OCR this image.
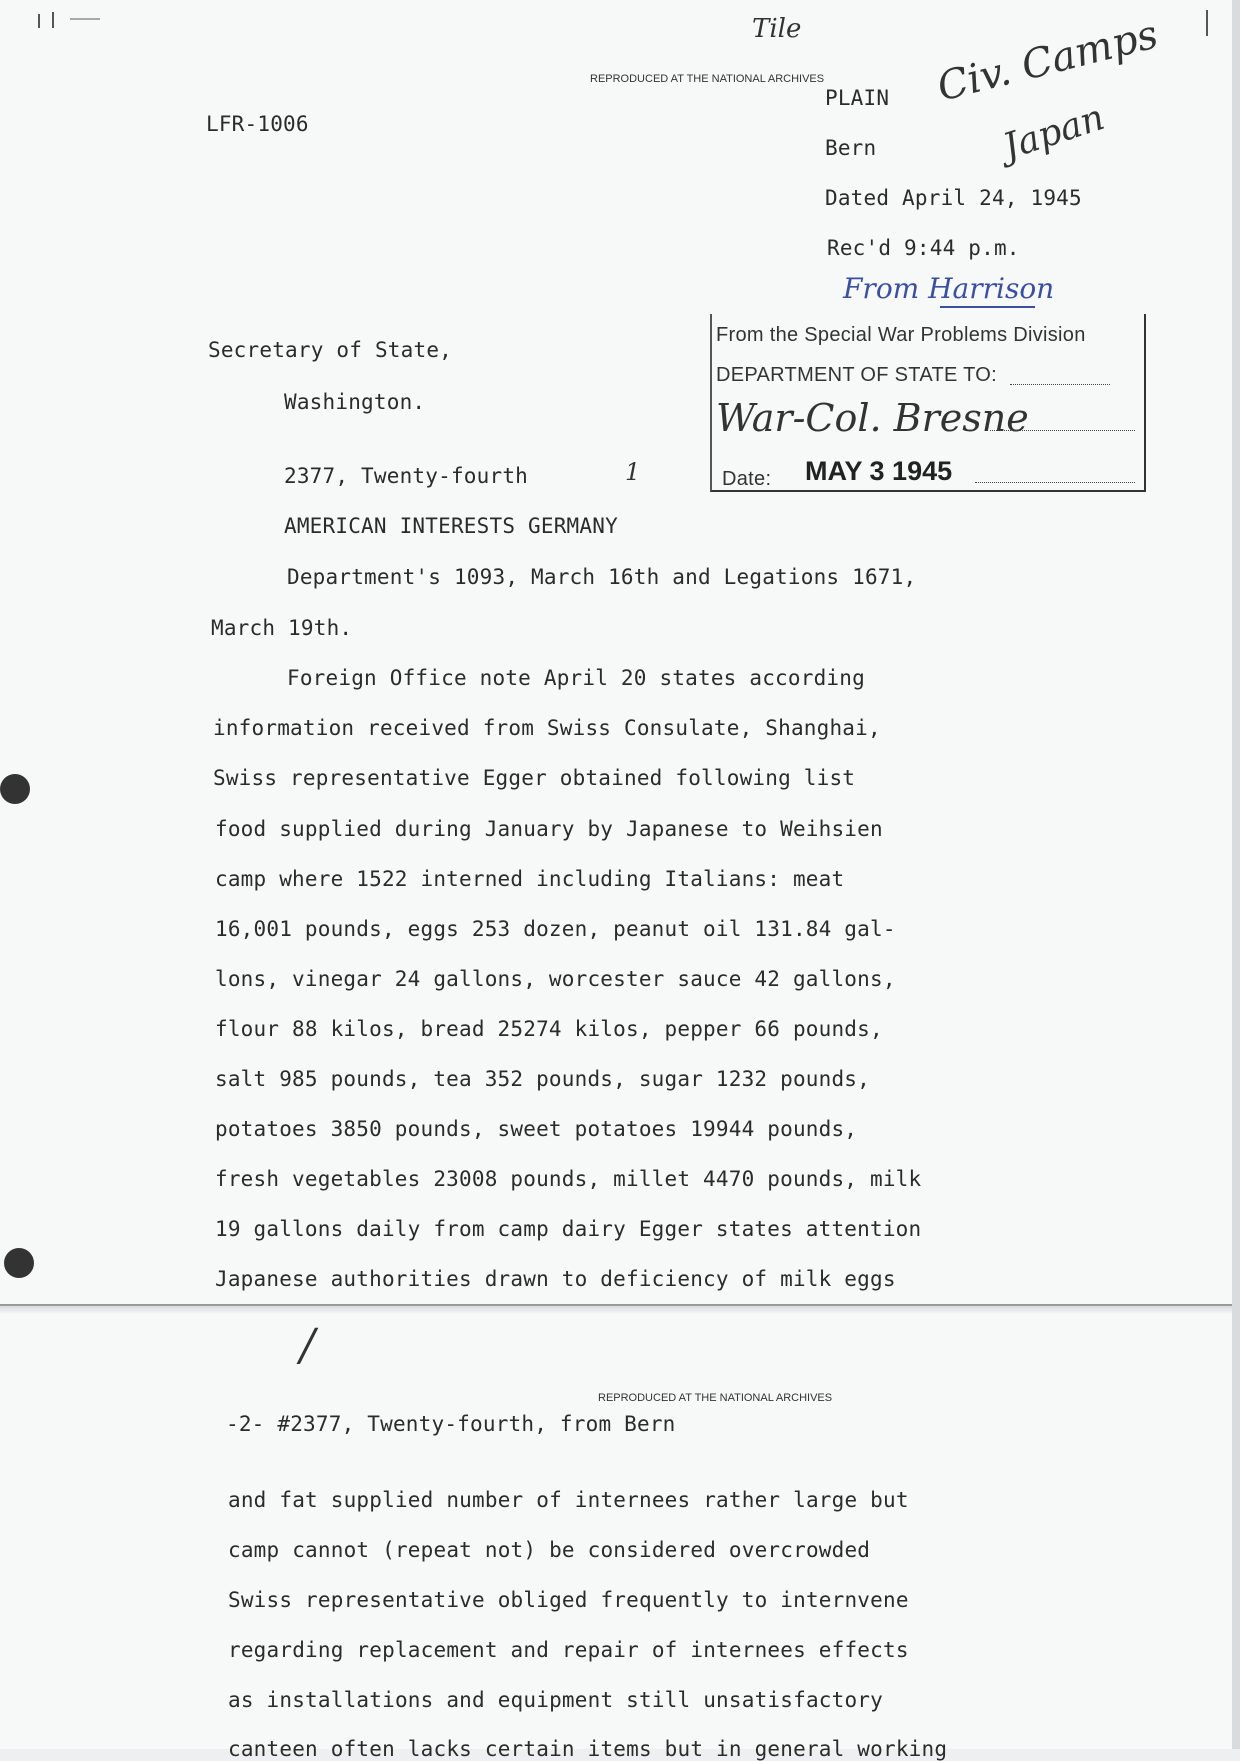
REPRODUCED AT THE NATIONAL ARCHIVES
Tile	Civ. Camps
Japan
LFR-1006
PLAIN
Bern
Dated April 24, 1945
Rec'd 9:44 p.m.
From Harrison
From the Special War Problems Division
DEPARTMENT OF STATE TO:
War-Col. Bresne
Date: MAY 3 1945
Secretary of State,
Washington.
2377, Twenty-fourth	1
AMERICAN INTERESTS GERMANY
Department's 1093, March 16th and Legations 1671,
March 19th.
Foreign Office note April 20 states according
information received from Swiss Consulate, Shanghai,
Swiss representative Egger obtained following list
food supplied during January by Japanese to Weihsien
camp where 1522 interned including Italians: meat
16,001 pounds, eggs 253 dozen, peanut oil 131.84 gal-
lons, vinegar 24 gallons, worcester sauce 42 gallons,
flour 88 kilos, bread 25274 kilos, pepper 66 pounds,
salt 985 pounds, tea 352 pounds, sugar 1232 pounds,
potatoes 3850 pounds, sweet potatoes 19944 pounds,
fresh vegetables 23008 pounds, millet 4470 pounds, milk
19 gallons daily from camp dairy Egger states attention
Japanese authorities drawn to deficiency of milk eggs
/
REPRODUCED AT THE NATIONAL ARCHIVES
-2- #2377, Twenty-fourth, from Bern
and fat supplied number of internees rather large but
camp cannot (repeat not) be considered overcrowded
Swiss representative obliged frequently to internvene
regarding replacement and repair of internees effects
as installations and equipment still unsatisfactory
canteen often lacks certain items but in general working
